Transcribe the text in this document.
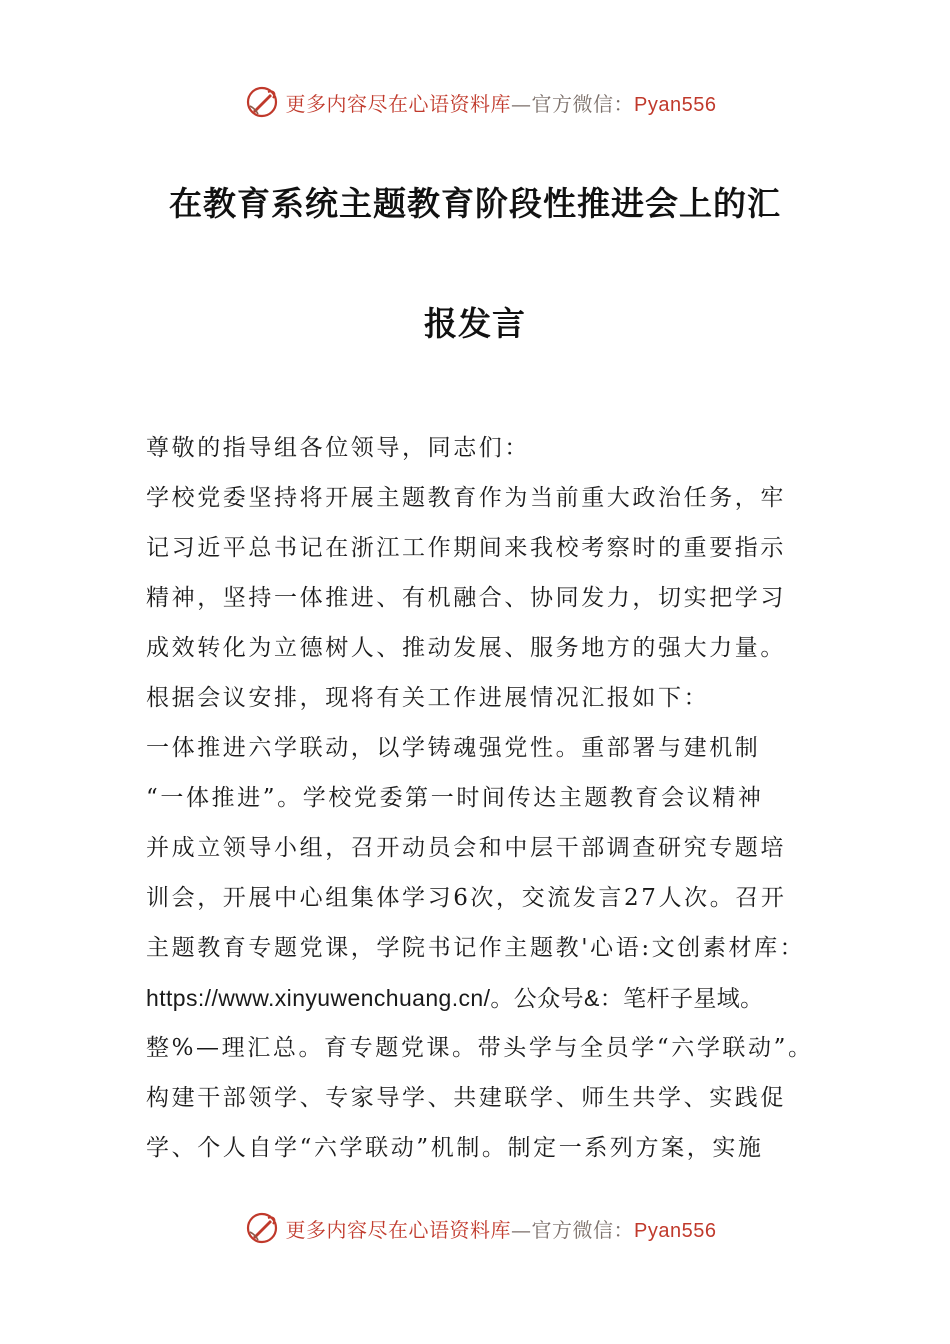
更多内容尽在心语资料库—官方微信：Pyan556
在教育系统主题教育阶段性推进会上的汇
报发言
尊敬的指导组各位领导，同志们：
学校党委坚持将开展主题教育作为当前重大政治任务，牢
记习近平总书记在浙江工作期间来我校考察时的重要指示
精神，坚持一体推进、有机融合、协同发力，切实把学习
成效转化为立德树人、推动发展、服务地方的强大力量。
根据会议安排，现将有关工作进展情况汇报如下：
一体推进六学联动，以学铸魂强党性。重部署与建机制
“一体推进”。学校党委第一时间传达主题教育会议精神
并成立领导小组，召开动员会和中层干部调查研究专题培
训会，开展中心组集体学习6次，交流发言27人次。召开
主题教育专题党课，学院书记作主题教'心语:文创素材库：
https://www.xinyuwenchuang.cn/。公众号&：笔杆子星域。
整%—理汇总。育专题党课。带头学与全员学“六学联动”。
构建干部领学、专家导学、共建联学、师生共学、实践促
学、个人自学“六学联动”机制。制定一系列方案，实施
更多内容尽在心语资料库—官方微信：Pyan556
